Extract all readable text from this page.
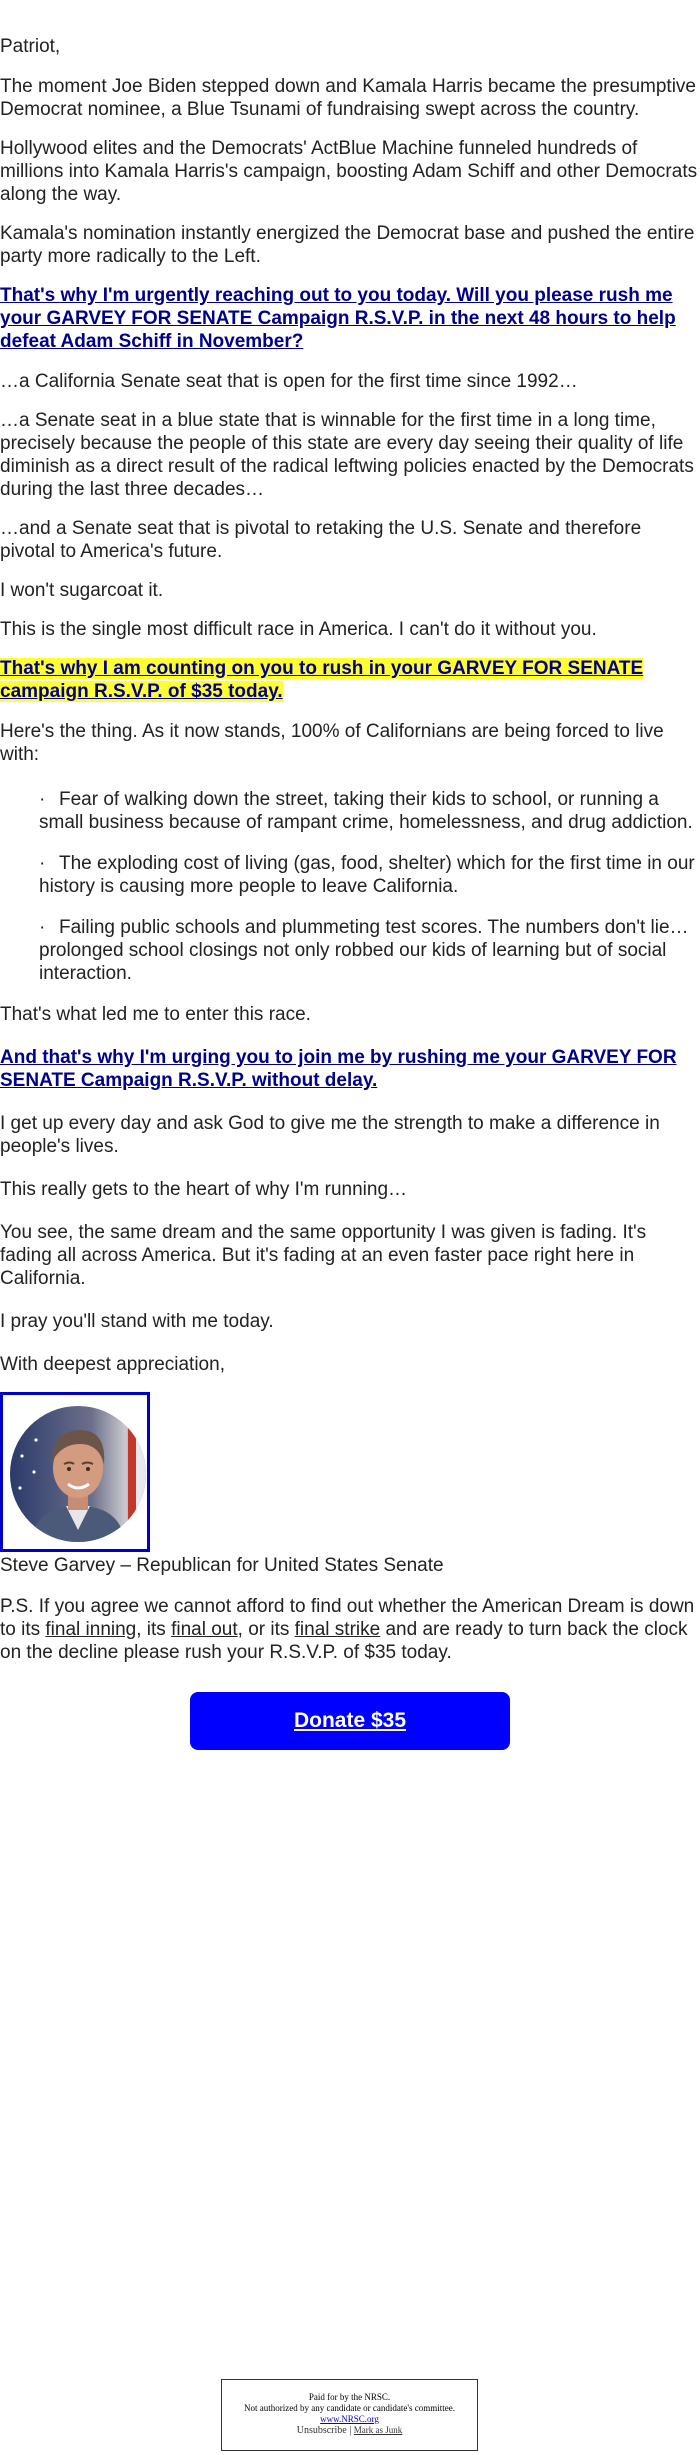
Patriot,

The moment Joe Biden stepped down and Kamala Harris became the presumptive Democrat nominee, a Blue Tsunami of fundraising swept across the country.

Hollywood elites and the Democrats' ActBlue Machine funneled hundreds of millions into Kamala Harris's campaign, boosting Adam Schiff and other Democrats along the way.

Kamala's nomination instantly energized the Democrat base and pushed the entire party more radically to the Left.

That's why I'm urgently reaching out to you today. Will you please rush me your GARVEY FOR SENATE Campaign R.S.V.P. in the next 48 hours to help defeat Adam Schiff in November?

…a California Senate seat that is open for the first time since 1992…

…a Senate seat in a blue state that is winnable for the first time in a long time, precisely because the people of this state are every day seeing their quality of life diminish as a direct result of the radical leftwing policies enacted by the Democrats during the last three decades…

…and a Senate seat that is pivotal to retaking the U.S. Senate and therefore pivotal to America's future.

I won't sugarcoat it.

This is the single most difficult race in America. I can't do it without you.

That's why I am counting on you to rush in your GARVEY FOR SENATE campaign R.S.V.P. of $35 today.

Here's the thing. As it now stands, 100% of Californians are being forced to live with:

· Fear of walking down the street, taking their kids to school, or running a small business because of rampant crime, homelessness, and drug addiction.
· The exploding cost of living (gas, food, shelter) which for the first time in our history is causing more people to leave California.
· Failing public schools and plummeting test scores. The numbers don't lie… prolonged school closings not only robbed our kids of learning but of social interaction.

That's what led me to enter this race.

And that's why I'm urging you to join me by rushing me your GARVEY FOR SENATE Campaign R.S.V.P. without delay.

I get up every day and ask God to give me the strength to make a difference in people's lives.

This really gets to the heart of why I'm running…

You see, the same dream and the same opportunity I was given is fading. It's fading all across America. But it's fading at an even faster pace right here in California.

I pray you'll stand with me today.

With deepest appreciation,

Steve Garvey – Republican for United States Senate

P.S. If you agree we cannot afford to find out whether the American Dream is down to its final inning, its final out, or its final strike and are ready to turn back the clock on the decline please rush your R.S.V.P. of $35 today.

Donate $35
Paid for by the NRSC.
Not authorized by any candidate or candidate's committee.
www.NRSC.org
Unsubscribe | Mark as Junk
